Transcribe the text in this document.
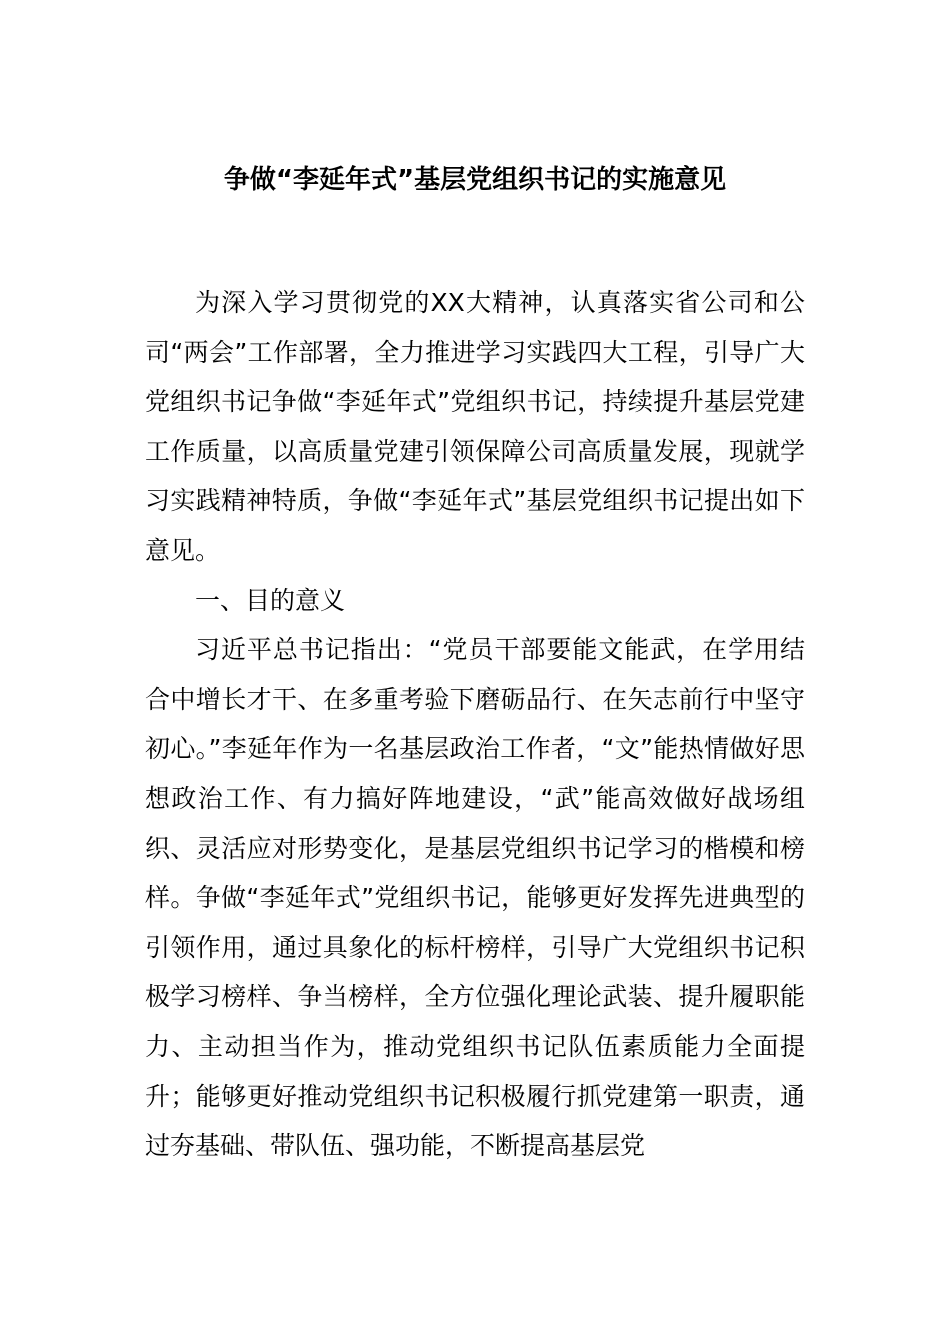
争做“李延年式”基层党组织书记的实施意见

为深入学习贯彻党的XX大精神，认真落实省公司和公司“两会”工作部署，全力推进学习实践四大工程，引导广大党组织书记争做“李延年式”党组织书记，持续提升基层党建工作质量，以高质量党建引领保障公司高质量发展，现就学习实践精神特质，争做“李延年式”基层党组织书记提出如下意见。

一、目的意义

习近平总书记指出：“党员干部要能文能武，在学用结合中增长才干、在多重考验下磨砺品行、在矢志前行中坚守初心。”李延年作为一名基层政治工作者，“文”能热情做好思想政治工作、有力搞好阵地建设，“武”能高效做好战场组织、灵活应对形势变化，是基层党组织书记学习的楷模和榜样。争做“李延年式”党组织书记，能够更好发挥先进典型的引领作用，通过具象化的标杆榜样，引导广大党组织书记积极学习榜样、争当榜样，全方位强化理论武装、提升履职能力、主动担当作为，推动党组织书记队伍素质能力全面提升；能够更好推动党组织书记积极履行抓党建第一职责，通过夯基础、带队伍、强功能，不断提高基层党
